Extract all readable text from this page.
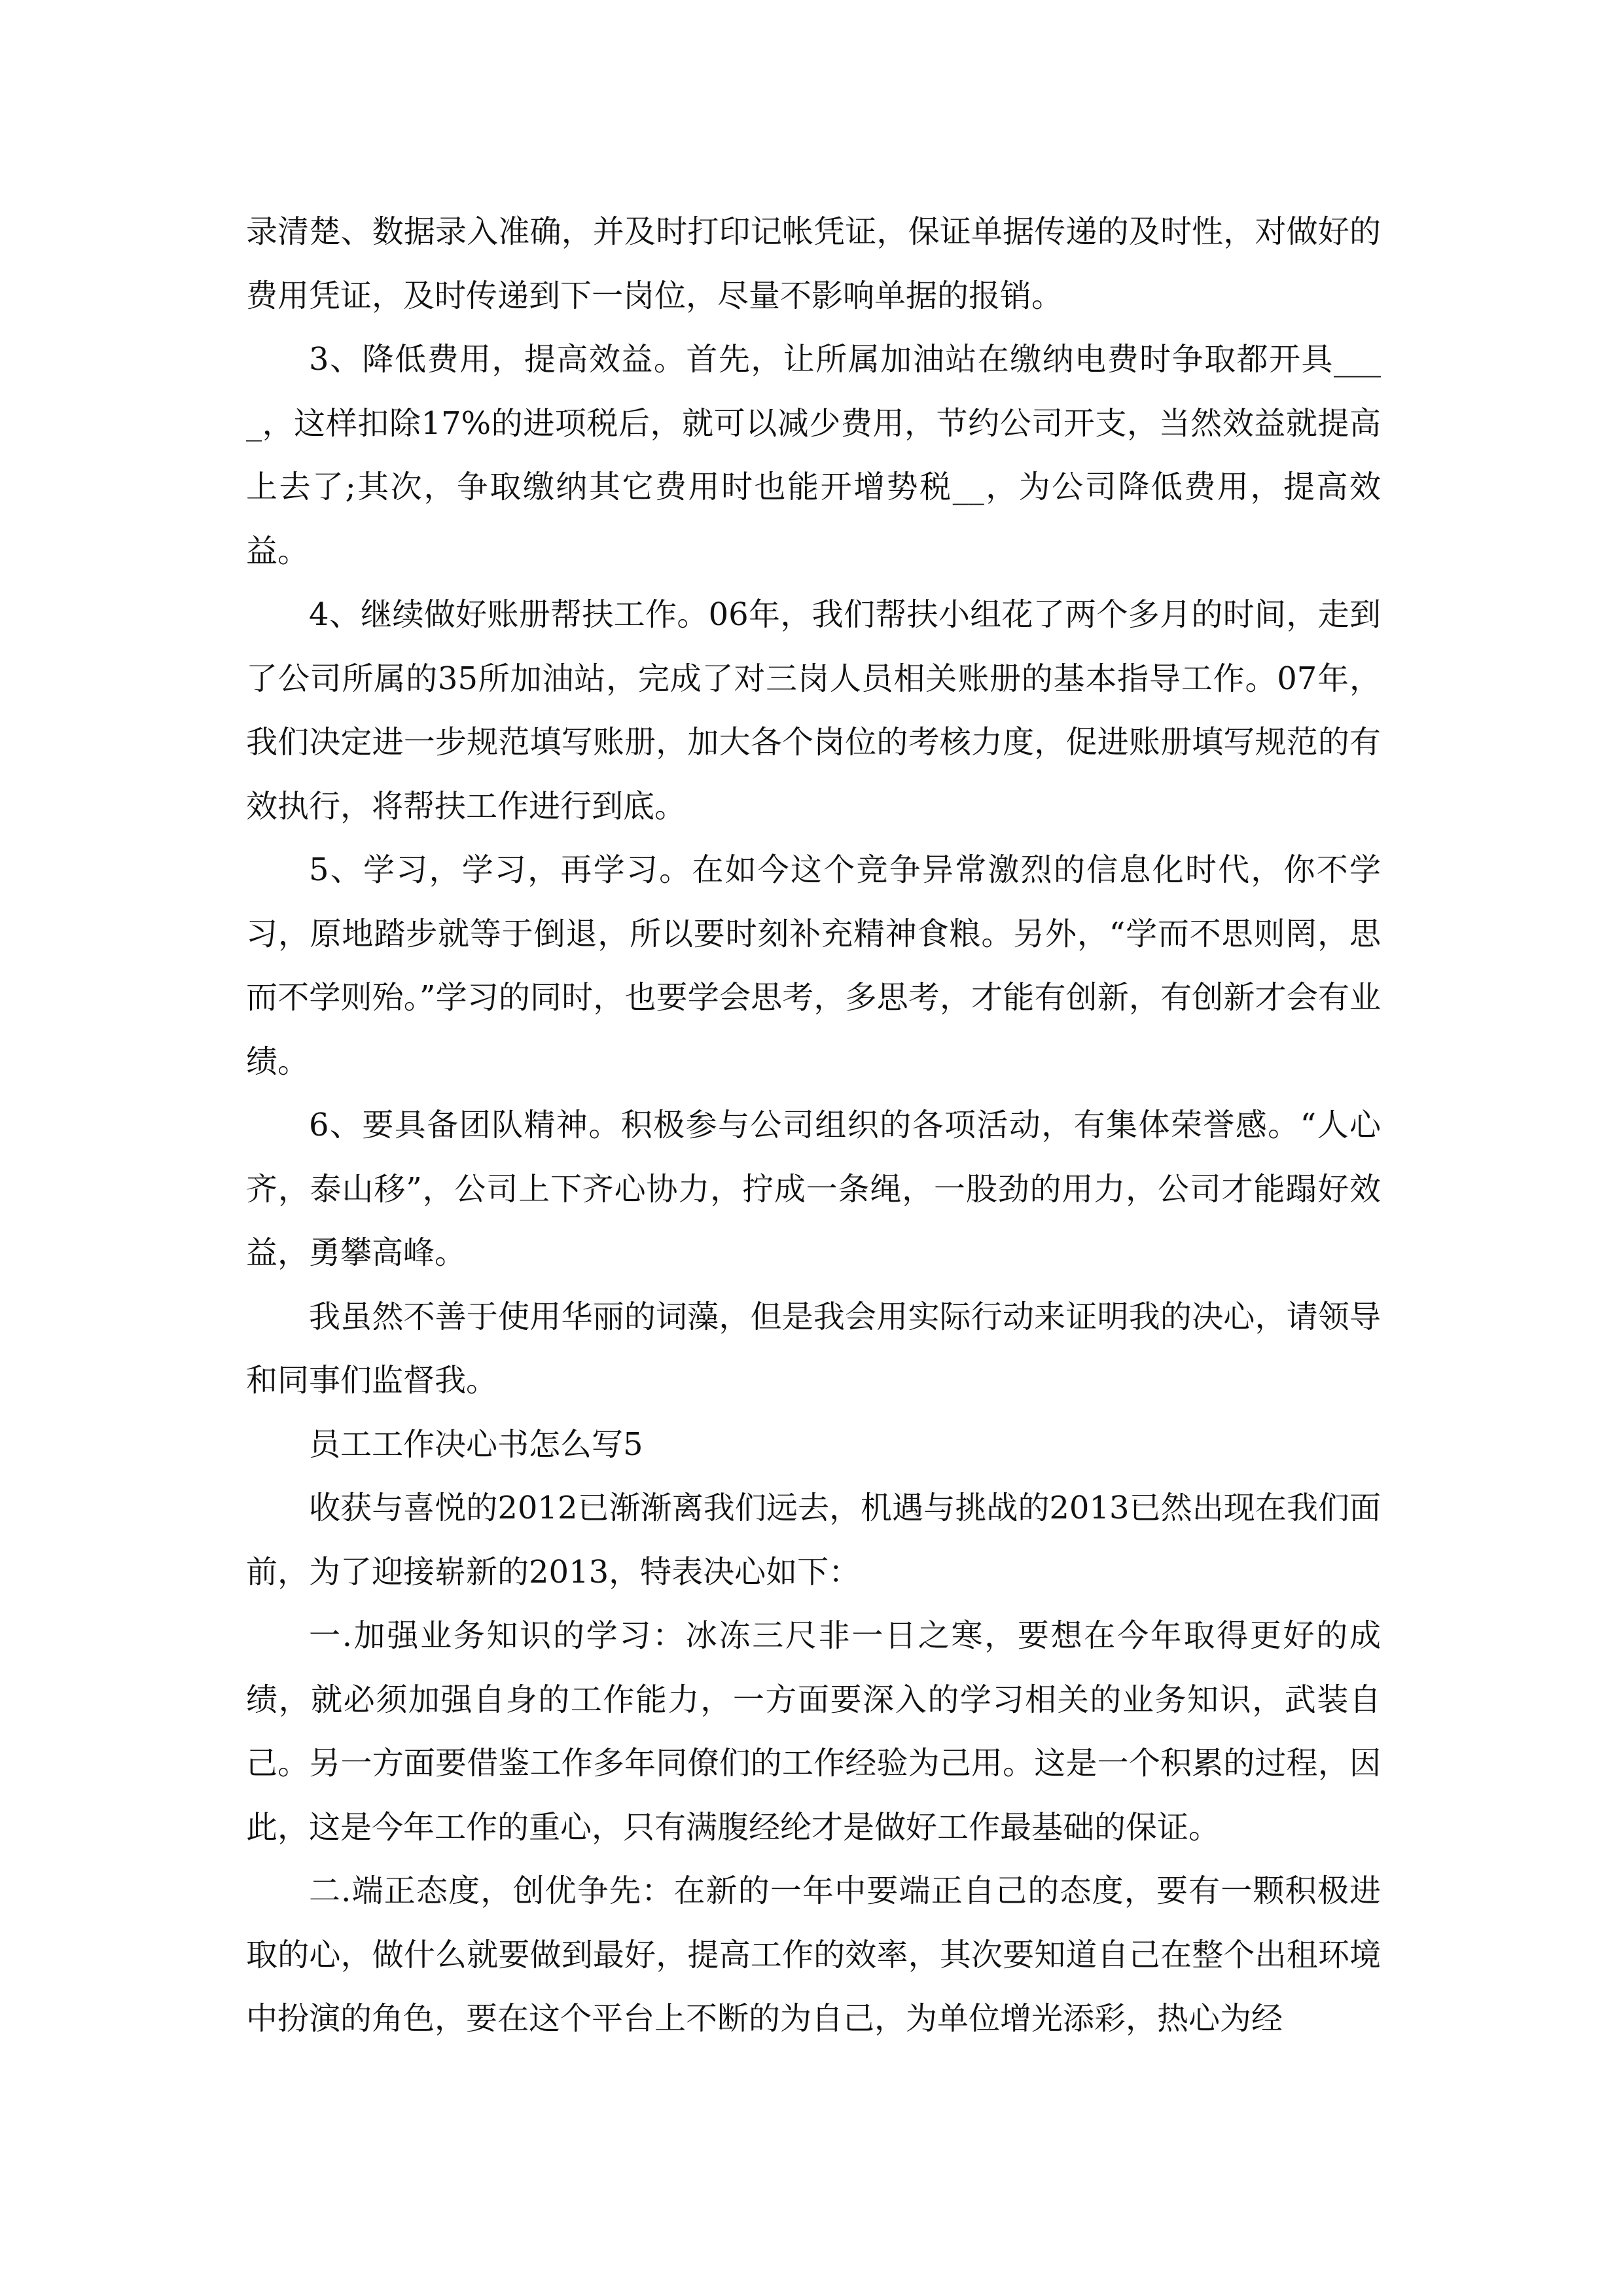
录清楚、数据录入准确，并及时打印记帐凭证，保证单据传递的及时性，对做好的费用凭证，及时传递到下一岗位，尽量不影响单据的报销。

3、降低费用，提高效益。首先，让所属加油站在缴纳电费时争取都开具____，这样扣除17%的进项税后，就可以减少费用，节约公司开支，当然效益就提高上去了;其次，争取缴纳其它费用时也能开增势税__，为公司降低费用，提高效益。

4、继续做好账册帮扶工作。06年，我们帮扶小组花了两个多月的时间，走到了公司所属的35所加油站，完成了对三岗人员相关账册的基本指导工作。07年，我们决定进一步规范填写账册，加大各个岗位的考核力度，促进账册填写规范的有效执行，将帮扶工作进行到底。

5、学习，学习，再学习。在如今这个竞争异常激烈的信息化时代，你不学习，原地踏步就等于倒退，所以要时刻补充精神食粮。另外，“学而不思则罔，思而不学则殆。”学习的同时，也要学会思考，多思考，才能有创新，有创新才会有业绩。

6、要具备团队精神。积极参与公司组织的各项活动，有集体荣誉感。“人心齐，泰山移”，公司上下齐心协力，拧成一条绳，一股劲的用力，公司才能蹋好效益，勇攀高峰。

我虽然不善于使用华丽的词藻，但是我会用实际行动来证明我的决心，请领导和同事们监督我。

员工工作决心书怎么写5

收获与喜悦的2012已渐渐离我们远去，机遇与挑战的2013已然出现在我们面前，为了迎接崭新的2013，特表决心如下：

一.加强业务知识的学习：冰冻三尺非一日之寒，要想在今年取得更好的成绩，就必须加强自身的工作能力，一方面要深入的学习相关的业务知识，武装自己。另一方面要借鉴工作多年同僚们的工作经验为己用。这是一个积累的过程，因此，这是今年工作的重心，只有满腹经纶才是做好工作最基础的保证。

二.端正态度，创优争先：在新的一年中要端正自己的态度，要有一颗积极进取的心，做什么就要做到最好，提高工作的效率，其次要知道自己在整个出租环境中扮演的角色，要在这个平台上不断的为自己，为单位增光添彩，热心为经
